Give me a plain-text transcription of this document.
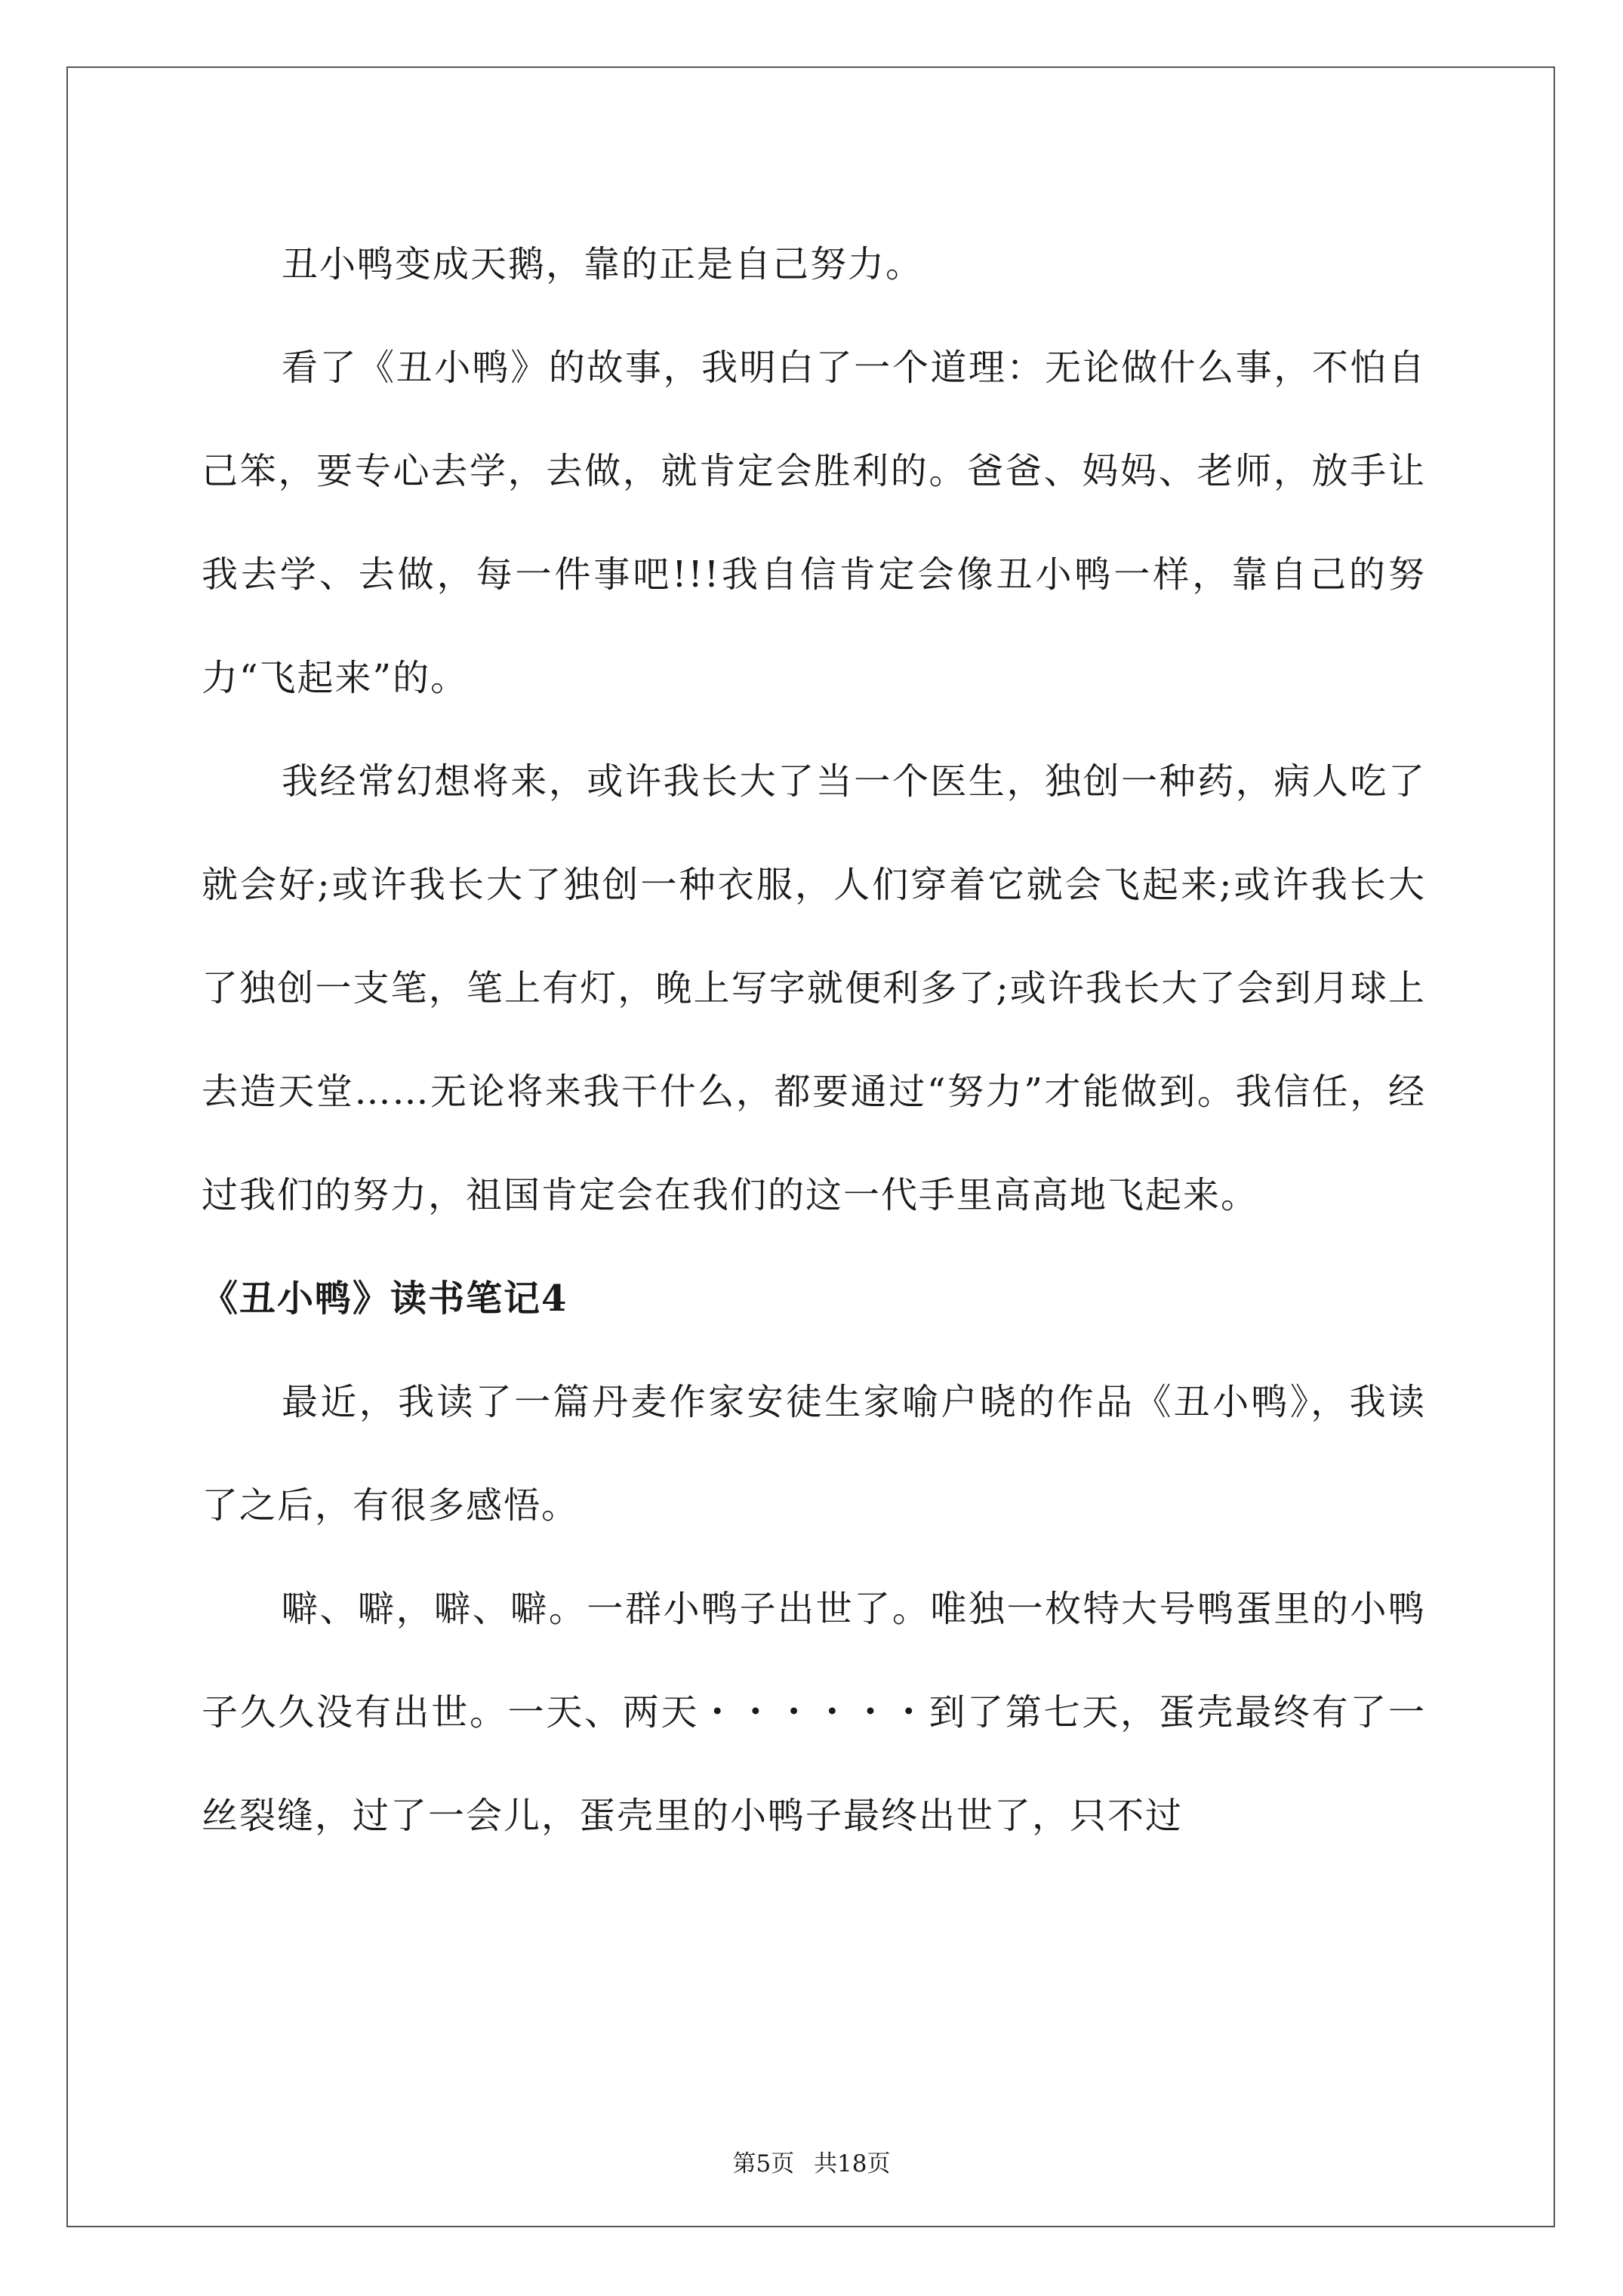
丑小鸭变成天鹅，靠的正是自己努力。

看了《丑小鸭》的故事，我明白了一个道理：无论做什么事，不怕自己笨，要专心去学，去做，就肯定会胜利的。爸爸、妈妈、老师，放手让我去学、去做，每一件事吧!!!我自信肯定会像丑小鸭一样，靠自己的努力“飞起来”的。

我经常幻想将来，或许我长大了当一个医生，独创一种药，病人吃了就会好;或许我长大了独创一种衣服，人们穿着它就会飞起来;或许我长大了独创一支笔，笔上有灯，晚上写字就便利多了;或许我长大了会到月球上去造天堂……无论将来我干什么，都要通过“努力”才能做到。我信任，经过我们的努力，祖国肯定会在我们的这一代手里高高地飞起来。

《丑小鸭》读书笔记4

最近，我读了一篇丹麦作家安徒生家喻户晓的作品《丑小鸭》，我读了之后，有很多感悟。

噼、噼，噼、噼。一群小鸭子出世了。唯独一枚特大号鸭蛋里的小鸭子久久没有出世。一天、两天・・・・・・到了第七天，蛋壳最终有了一丝裂缝，过了一会儿，蛋壳里的小鸭子最终出世了，只不过

第5页 共18页
